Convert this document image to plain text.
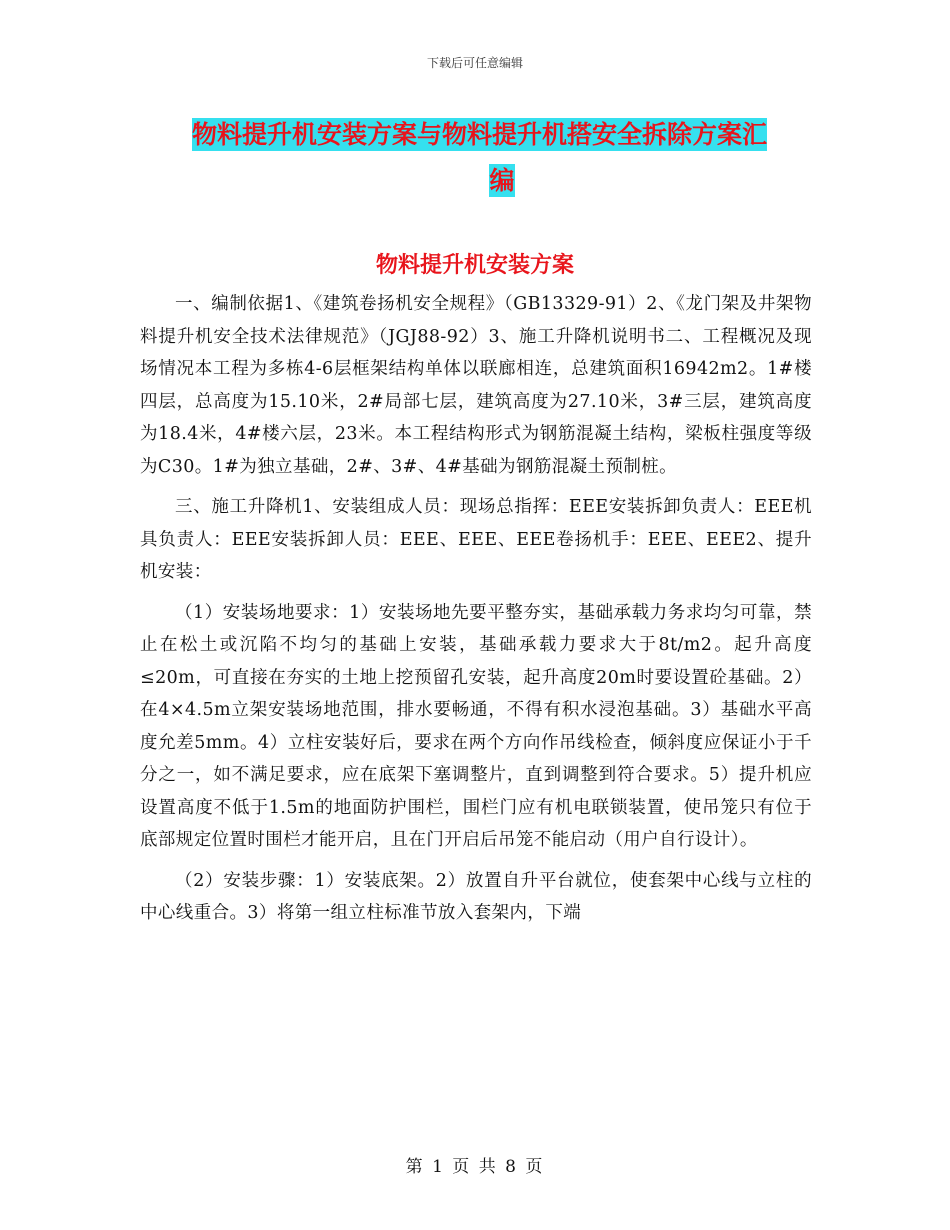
下载后可任意编辑
物料提升机安装方案与物料提升机搭安全拆除方案汇
编
物料提升机安装方案

一、编制依据1、《建筑卷扬机安全规程》（GB13329-91）2、《龙门架及井架物料提升机安全技术法律规范》（JGJ88-92）3、施工升降机说明书二、工程概况及现场情况本工程为多栋4-6层框架结构单体以联廊相连，总建筑面积16942m2。1#楼四层，总高度为15.10米，2#局部七层，建筑高度为27.10米，3#三层，建筑高度为18.4米，4#楼六层，23米。本工程结构形式为钢筋混凝土结构，梁板柱强度等级为C30。1#为独立基础，2#、3#、4#基础为钢筋混凝土预制桩。

三、施工升降机1、安装组成人员：现场总指挥：EEE安装拆卸负责人：EEE机具负责人：EEE安装拆卸人员：EEE、EEE、EEE卷扬机手：EEE、EEE2、提升机安装：

（1）安装场地要求：1）安装场地先要平整夯实，基础承载力务求均匀可靠，禁止在松土或沉陷不均匀的基础上安装，基础承载力要求大于8t/m2。起升高度≤20m，可直接在夯实的土地上挖预留孔安装，起升高度20m时要设置砼基础。2）在4×4.5m立架安装场地范围，排水要畅通，不得有积水浸泡基础。3）基础水平高度允差5mm。4）立柱安装好后，要求在两个方向作吊线检查，倾斜度应保证小于千分之一，如不满足要求，应在底架下塞调整片，直到调整到符合要求。5）提升机应设置高度不低于1.5m的地面防护围栏，围栏门应有机电联锁装置，使吊笼只有位于底部规定位置时围栏才能开启，且在门开启后吊笼不能启动（用户自行设计）。

（2）安装步骤：1）安装底架。2）放置自升平台就位，使套架中心线与立柱的中心线重合。3）将第一组立柱标准节放入套架内，下端

第 1 页 共 8 页
